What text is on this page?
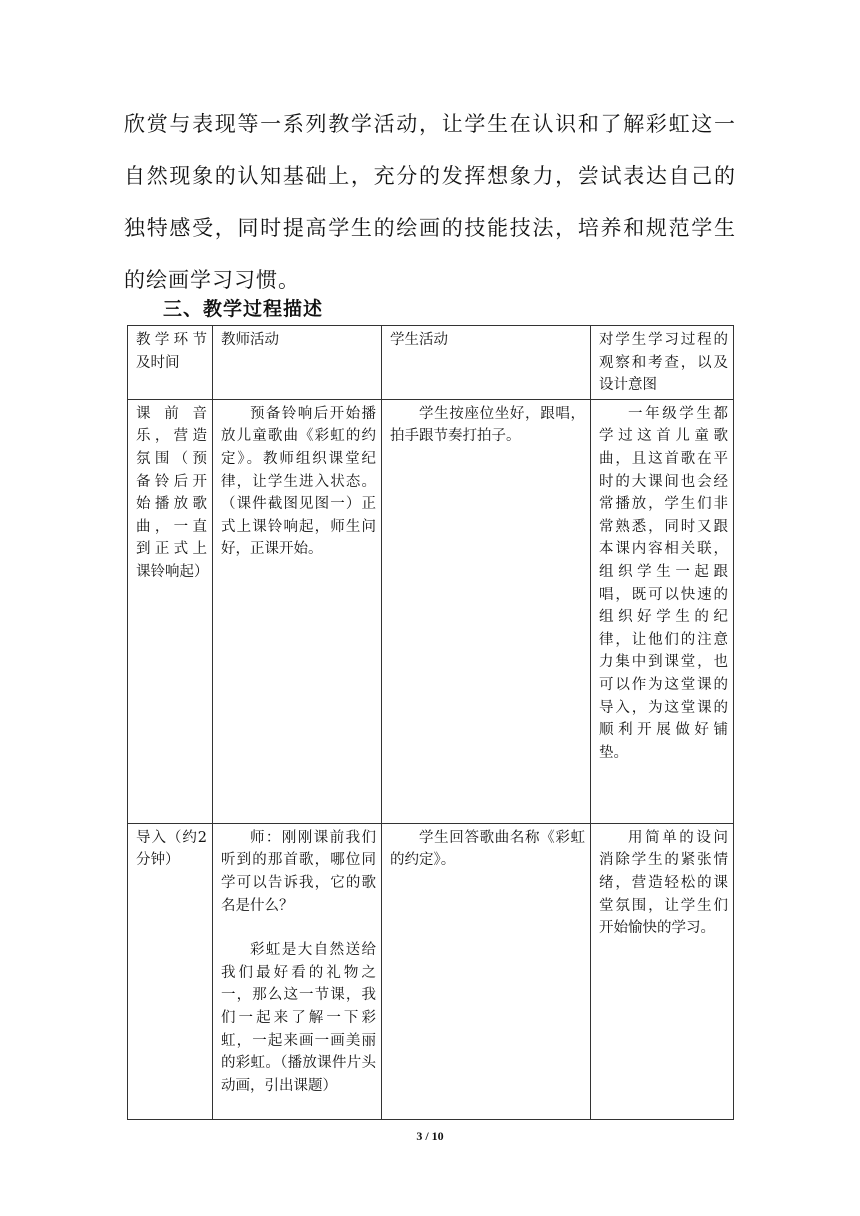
欣赏与表现等一系列教学活动，让学生在认识和了解彩虹这一自然现象的认知基础上，充分的发挥想象力，尝试表达自己的独特感受，同时提高学生的绘画的技能技法，培养和规范学生的绘画学习习惯。

三、教学过程描述
教学环节及时间	教师活动	学生活动	对学生学习过程的观察和考查，以及设计意图
课前音乐，营造氛围（预备铃后开始播放歌曲，一直到正式上课铃响起）	预备铃响后开始播放儿童歌曲《彩虹的约定》。教师组织课堂纪律，让学生进入状态。（课件截图见图一）正式上课铃响起，师生问好，正课开始。	学生按座位坐好，跟唱，拍手跟节奏打拍子。	一年级学生都学过这首儿童歌曲，且这首歌在平时的大课间也会经常播放，学生们非常熟悉，同时又跟本课内容相关联，组织学生一起跟唱，既可以快速的组织好学生的纪律，让他们的注意力集中到课堂，也可以作为这堂课的导入，为这堂课的顺利开展做好铺垫。

导入（约2分钟）	师：刚刚课前我们听到的那首歌，哪位同学可以告诉我，它的歌名是什么？

彩虹是大自然送给我们最好看的礼物之一，那么这一节课，我们一起来了解一下彩虹，一起来画一画美丽的彩虹。（播放课件片头动画，引出课题）	学生回答歌曲名称《彩虹的约定》。	用简单的设问消除学生的紧张情绪，营造轻松的课堂氛围，让学生们开始愉快的学习。

3 / 10
